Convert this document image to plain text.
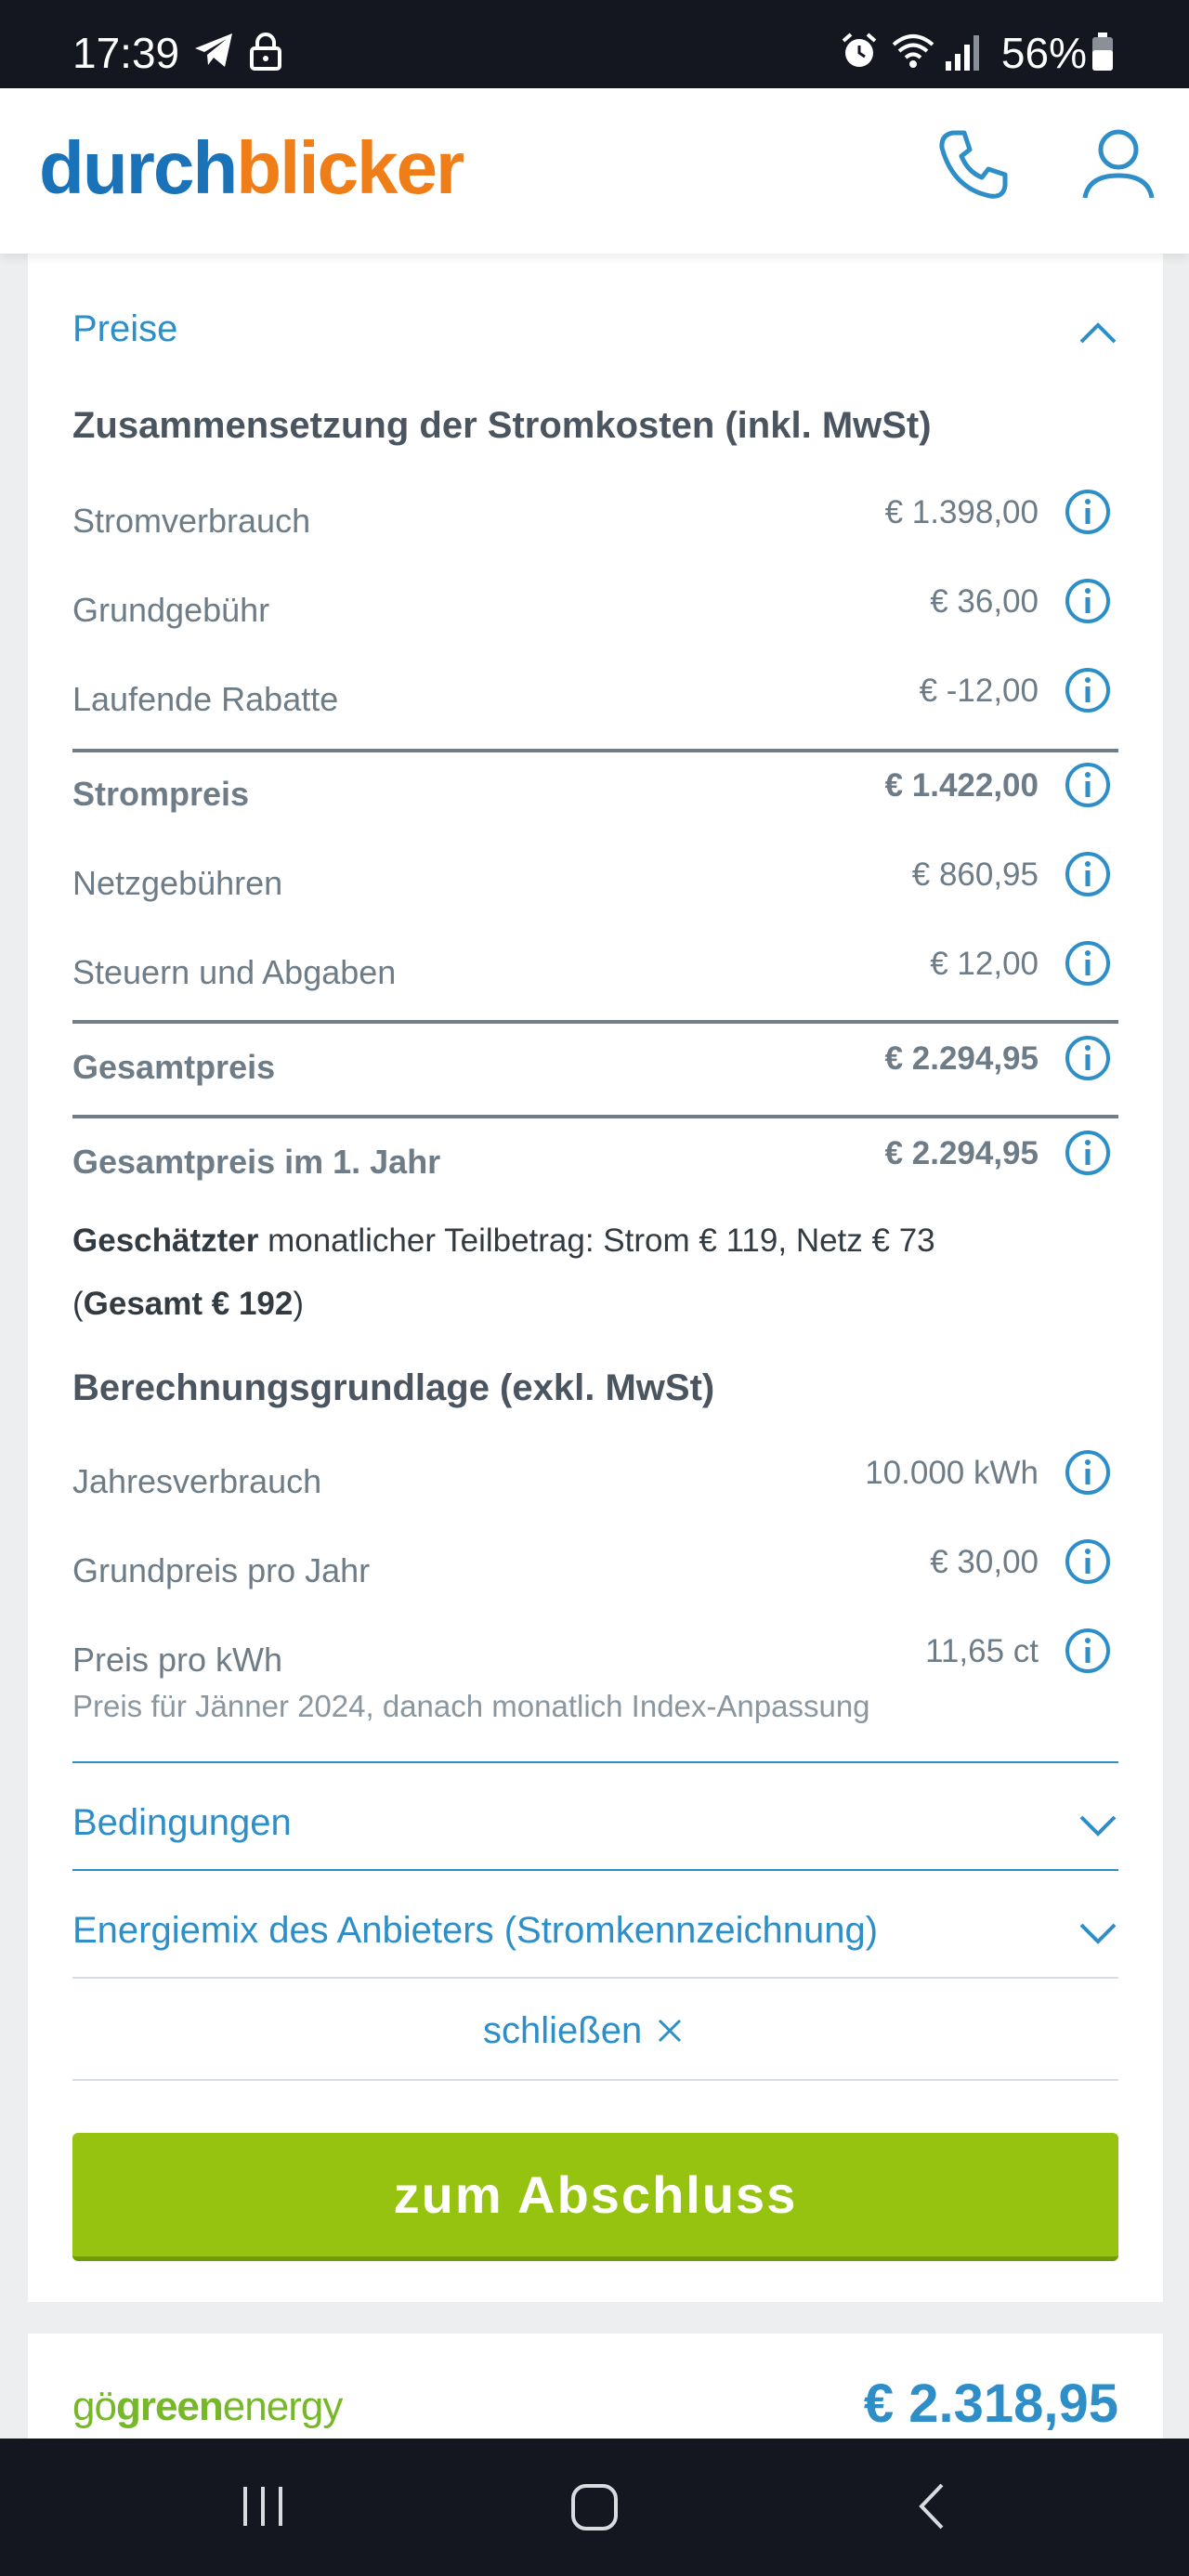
17:39	56%
durchblicker
Preise
Zusammensetzung der Stromkosten (inkl. MwSt)
Stromverbrauch	€ 1.398,00
Grundgebühr	€ 36,00
Laufende Rabatte	€ -12,00
Strompreis	€ 1.422,00
Netzgebühren	€ 860,95
Steuern und Abgaben	€ 12,00
Gesamtpreis	€ 2.294,95
Gesamtpreis im 1. Jahr	€ 2.294,95
Geschätzter monatlicher Teilbetrag: Strom € 119, Netz € 73
(Gesamt € 192)
Berechnungsgrundlage (exkl. MwSt)
Jahresverbrauch	10.000 kWh
Grundpreis pro Jahr	€ 30,00
Preis pro kWh	11,65 ct
Preis für Jänner 2024, danach monatlich Index-Anpassung
Bedingungen
Energiemix des Anbieters (Stromkennzeichnung)
schließen
zum Abschluss
gögreenenergy	€ 2.318,95
